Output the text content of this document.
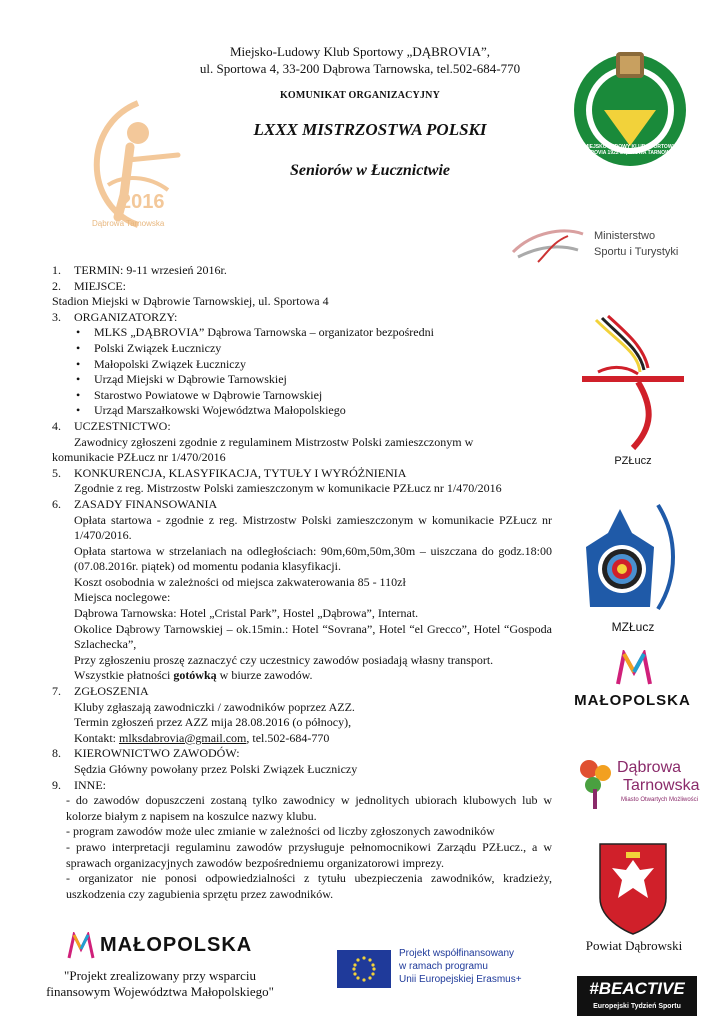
Miejsko-Ludowy Klub Sportowy „DĄBROVIA”,
ul. Sportowa 4, 33-200 Dąbrowa Tarnowska, tel.502-684-770
KOMUNIKAT ORGANIZACYJNY
LXXX MISTRZOSTWA POLSKI
Seniorów w Łucznictwie
2016
Dąbrowa Tarnowska
MIEJSKO LUDOWY KLUB SPORTOWY DĄBROVIA 1922 DĄBROWA TARNOWSKA
Ministerstwo
Sportu i Turystyki
PZŁucz
MZŁucz
MAŁOPOLSKA
Dąbrowa
Tarnowska
Miasto Otwartych Możliwości
Powiat Dąbrowski
#BEACTIVE
Europejski Tydzień Sportu
1. TERMIN: 9-11 wrzesień 2016r.
2. MIEJSCE:
Stadion Miejski w Dąbrowie Tarnowskiej, ul. Sportowa 4
3. ORGANIZATORZY:
• MLKS „DĄBROVIA” Dąbrowa Tarnowska – organizator bezpośredni
• Polski Związek Łuczniczy
• Małopolski Związek Łuczniczy
• Urząd Miejski w Dąbrowie Tarnowskiej
• Starostwo Powiatowe w Dąbrowie Tarnowskiej
• Urząd Marszałkowski Województwa Małopolskiego
4. UCZESTNICTWO:
Zawodnicy zgłoszeni zgodnie z regulaminem Mistrzostw Polski zamieszczonym w
komunikacie PZŁucz nr 1/470/2016
5. KONKURENCJA, KLASYFIKACJA, TYTUŁY I WYRÓŻNIENIA
Zgodnie z reg. Mistrzostw Polski zamieszczonym w komunikacie PZŁucz nr 1/470/2016
6. ZASADY FINANSOWANIA
Opłata startowa - zgodnie z reg. Mistrzostw Polski zamieszczonym w komunikacie PZŁucz nr 1/470/2016.
Opłata startowa w strzelaniach na odległościach: 90m,60m,50m,30m – uiszczana do godz.18:00 (07.08.2016r. piątek) od momentu podania klasyfikacji.
Koszt osobodnia w zależności od miejsca zakwaterowania 85 - 110zł
Miejsca noclegowe:
Dąbrowa Tarnowska: Hotel „Cristal Park”, Hostel „Dąbrowa”, Internat.
Okolice Dąbrowy Tarnowskiej – ok.15min.: Hotel “Sovrana”, Hotel “el Grecco”, Hotel “Gospoda Szlachecka”,
Przy zgłoszeniu proszę zaznaczyć czy uczestnicy zawodów posiadają własny transport.
Wszystkie płatności gotówką w biurze zawodów.
7. ZGŁOSZENIA
Kluby zgłaszają zawodniczki / zawodników poprzez AZZ.
Termin zgłoszeń przez AZZ mija 28.08.2016 (o północy),
Kontakt: mlksdabrovia@gmail.com, tel.502-684-770
8. KIEROWNICTWO ZAWODÓW:
Sędzia Główny powołany przez Polski Związek Łuczniczy
9. INNE:
- do zawodów dopuszczeni zostaną tylko zawodnicy w jednolitych ubiorach klubowych lub w kolorze białym z napisem na koszulce nazwy klubu.
- program zawodów może ulec zmianie w zależności od liczby zgłoszonych zawodników
- prawo interpretacji regulaminu zawodów przysługuje pełnomocnikowi Zarządu PZŁucz., a w sprawach organizacyjnych zawodów bezpośredniemu organizatorowi imprezy.
- organizator nie ponosi odpowiedzialności z tytułu ubezpieczenia zawodników, kradzieży, uszkodzenia czy zagubienia sprzętu przez zawodników.
MAŁOPOLSKA
"Projekt zrealizowany przy wsparciu
finansowym Województwa Małopolskiego"
Projekt współfinansowany
w ramach programu
Unii Europejskiej Erasmus+
